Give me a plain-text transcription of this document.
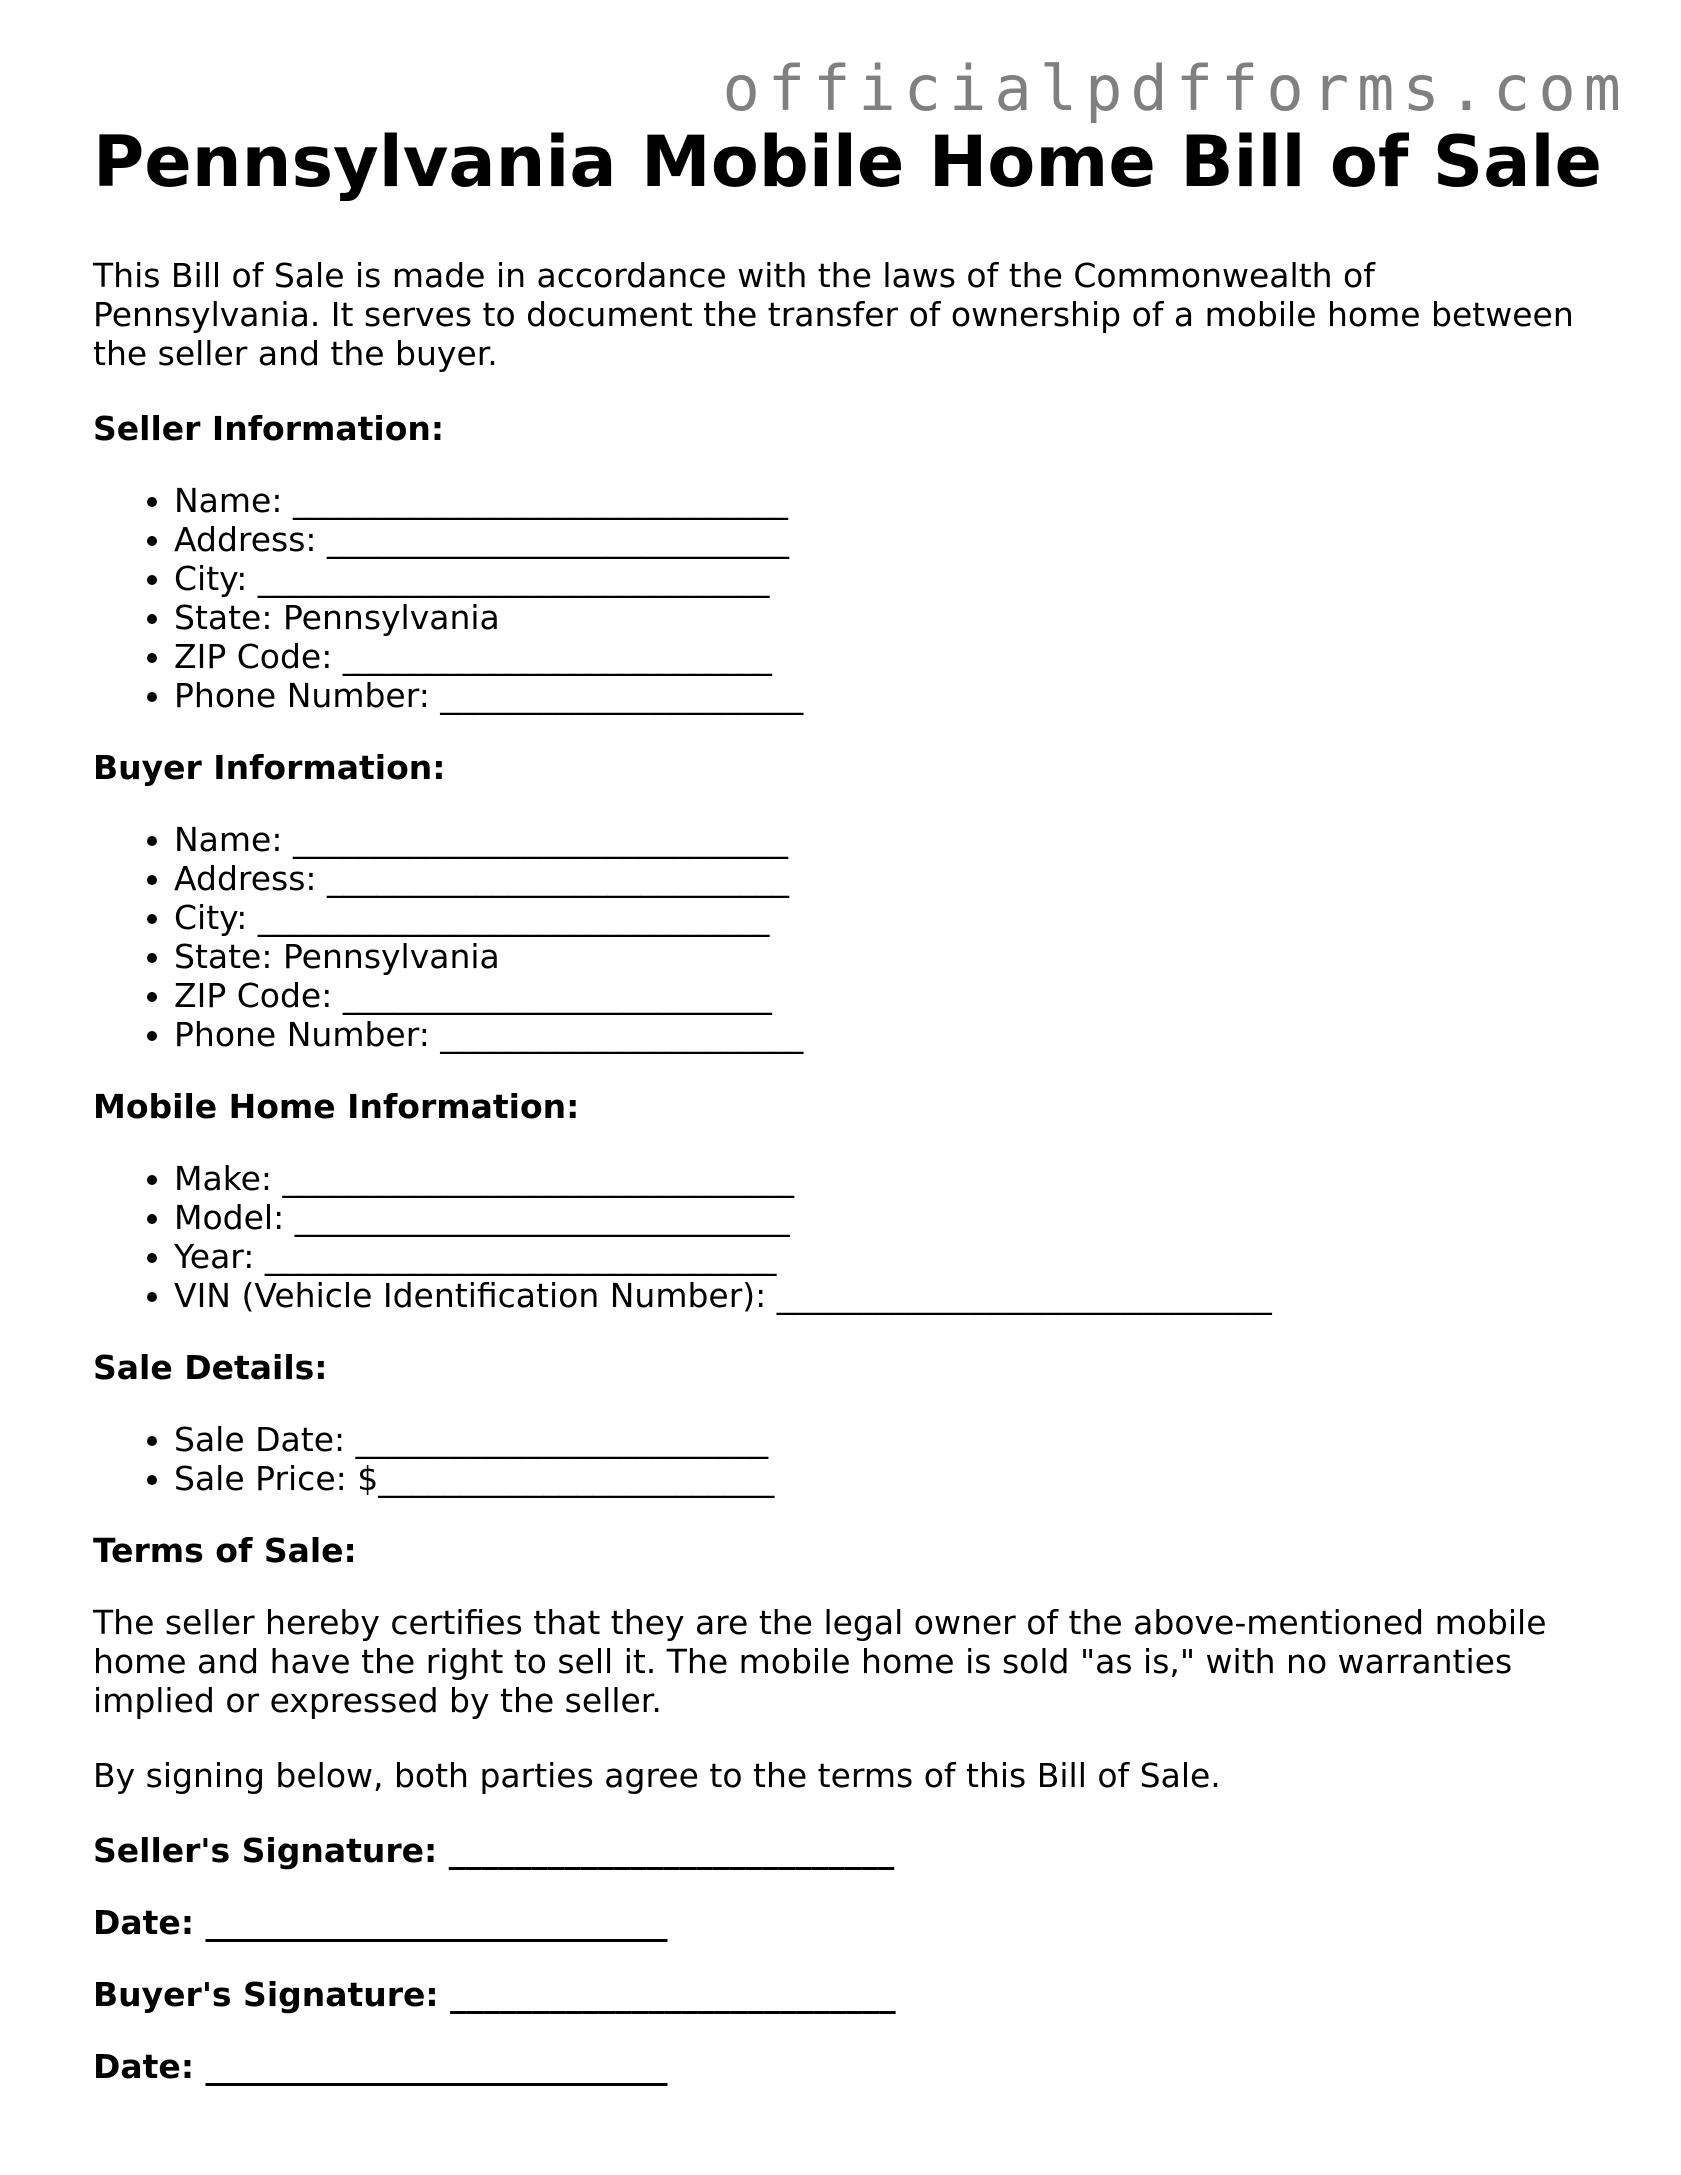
officialpdfforms.com
Pennsylvania Mobile Home Bill of Sale

This Bill of Sale is made in accordance with the laws of the Commonwealth of Pennsylvania. It serves to document the transfer of ownership of a mobile home between the seller and the buyer.

Seller Information:
• Name: ______________________________
• Address: ____________________________
• City: _______________________________
• State: Pennsylvania
• ZIP Code: __________________________
• Phone Number: ______________________
Buyer Information:
• Name: ______________________________
• Address: ____________________________
• City: _______________________________
• State: Pennsylvania
• ZIP Code: __________________________
• Phone Number: ______________________
Mobile Home Information:
• Make: _______________________________
• Model: ______________________________
• Year: _______________________________
• VIN (Vehicle Identification Number): ______________________________
Sale Details:
• Sale Date: _________________________
• Sale Price: $________________________
Terms of Sale:

The seller hereby certifies that they are the legal owner of the above-mentioned mobile home and have the right to sell it. The mobile home is sold "as is," with no warranties implied or expressed by the seller.

By signing below, both parties agree to the terms of this Bill of Sale.

Seller's Signature: ___________________________
Date: ____________________________
Buyer's Signature: ___________________________
Date: ____________________________
